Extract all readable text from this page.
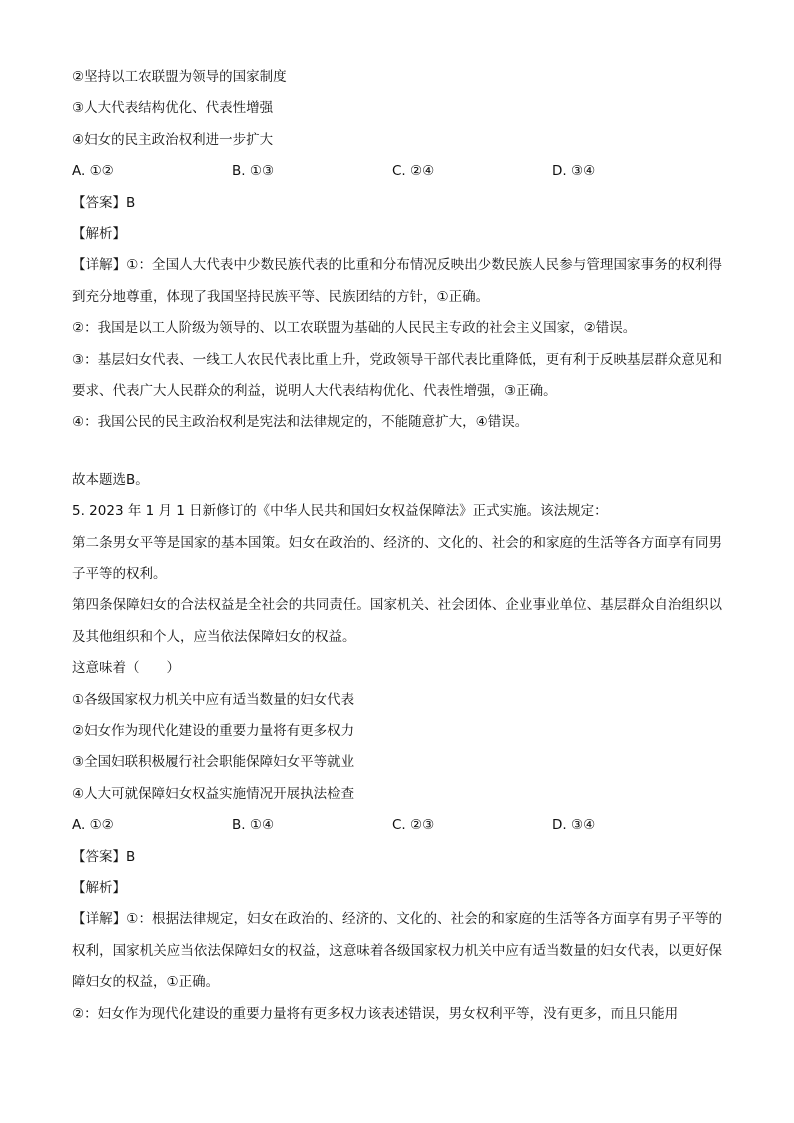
②坚持以工农联盟为领导的国家制度
③人大代表结构优化、代表性增强
④妇女的民主政治权利进一步扩大
A. ①②	B. ①③	C. ②④	D. ③④
【答案】B
【解析】
【详解】①：全国人大代表中少数民族代表的比重和分布情况反映出少数民族人民参与管理国家事务的权利得到充分地尊重，体现了我国坚持民族平等、民族团结的方针，①正确。
②：我国是以工人阶级为领导的、以工农联盟为基础的人民民主专政的社会主义国家，②错误。
③：基层妇女代表、一线工人农民代表比重上升，党政领导干部代表比重降低，更有利于反映基层群众意见和要求、代表广大人民群众的利益，说明人大代表结构优化、代表性增强，③正确。
④：我国公民的民主政治权利是宪法和法律规定的，不能随意扩大，④错误。
故本题选B。
5. 2023 年 1 月 1 日新修订的《中华人民共和国妇女权益保障法》正式实施。该法规定：
第二条男女平等是国家的基本国策。妇女在政治的、经济的、文化的、社会的和家庭的生活等各方面享有同男子平等的权利。
第四条保障妇女的合法权益是全社会的共同责任。国家机关、社会团体、企业事业单位、基层群众自治组织以及其他组织和个人，应当依法保障妇女的权益。
这意味着（　　）
①各级国家权力机关中应有适当数量的妇女代表
②妇女作为现代化建设的重要力量将有更多权力
③全国妇联积极履行社会职能保障妇女平等就业
④人大可就保障妇女权益实施情况开展执法检查
A. ①②	B. ①④	C. ②③	D. ③④
【答案】B
【解析】
【详解】①：根据法律规定，妇女在政治的、经济的、文化的、社会的和家庭的生活等各方面享有男子平等的权利，国家机关应当依法保障妇女的权益，这意味着各级国家权力机关中应有适当数量的妇女代表，以更好保障妇女的权益，①正确。
②：妇女作为现代化建设的重要力量将有更多权力该表述错误，男女权利平等，没有更多，而且只能用
